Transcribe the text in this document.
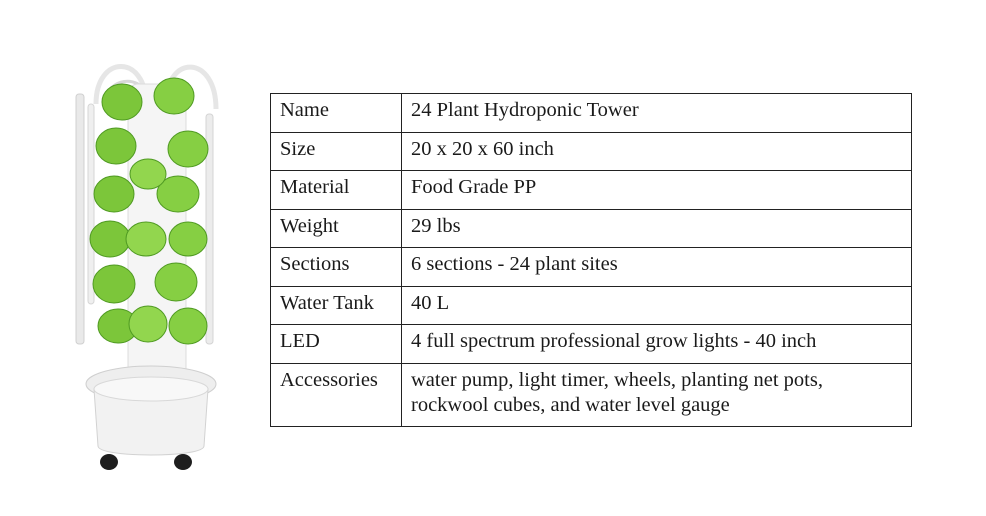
Name	24 Plant Hydroponic Tower
Size	20 x 20 x 60 inch
Material	Food Grade PP
Weight	29 lbs
Sections	6 sections - 24 plant sites
Water Tank	40 L
LED	4 full spectrum professional grow lights - 40 inch
Accessories	water pump, light timer, wheels, planting net pots,
rockwool cubes, and water level gauge
